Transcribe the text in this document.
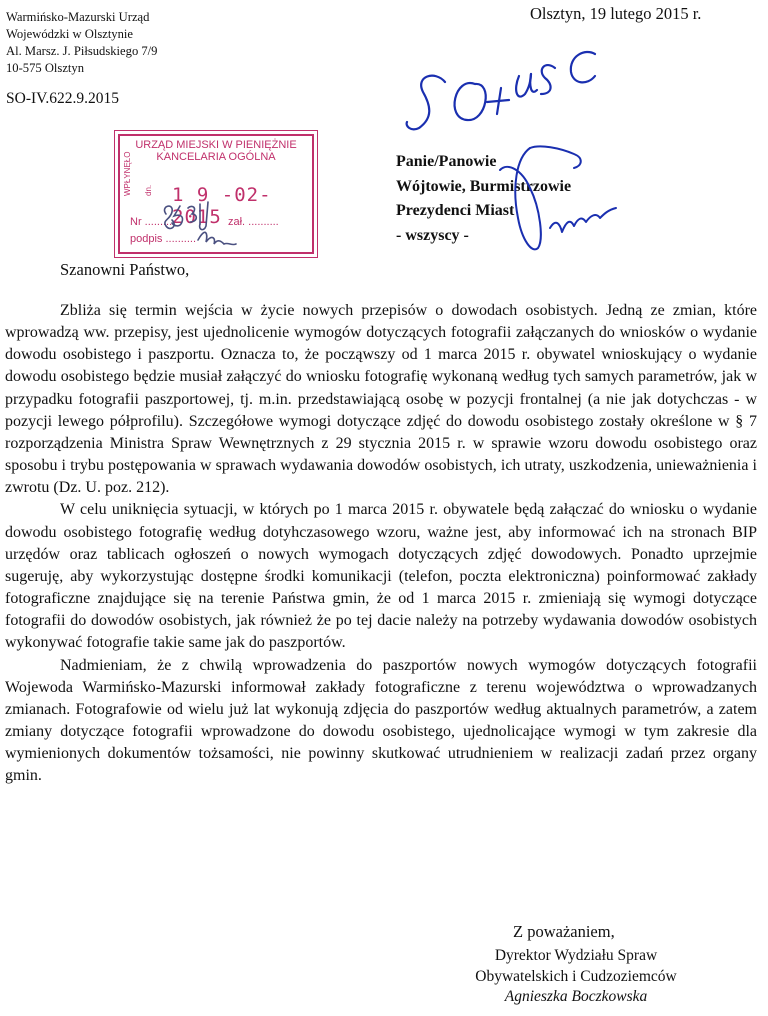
Warmińsko-Mazurski Urząd
Wojewódzki w Olsztynie
Al. Marsz. J. Piłsudskiego 7/9
10-575 Olsztyn
SO-IV.622.9.2015
Olsztyn, 19 lutego 2015 r.
URZĄD MIEJSKI W PIENIĘŻNIE
KANCELARIA OGÓLNA
WPŁYNĘŁO dn. 1 9 -02- 2015
Nr ..........	zał. ..........
podpis ..........
Panie/Panowie
Wójtowie, Burmistrzowie
Prezydenci Miast
- wszyscy -
Szanowni Państwo,

Zbliża się termin wejścia w życie nowych przepisów o dowodach osobistych. Jedną ze zmian, które wprowadzą ww. przepisy, jest ujednolicenie wymogów dotyczących fotografii załączanych do wniosków o wydanie dowodu osobistego i paszportu. Oznacza to, że począwszy od 1 marca 2015 r. obywatel wnioskujący o wydanie dowodu osobistego będzie musiał załączyć do wniosku fotografię wykonaną według tych samych parametrów, jak w przypadku fotografii paszportowej, tj. m.in. przedstawiającą osobę w pozycji frontalnej (a nie jak dotychczas - w pozycji lewego półprofilu). Szczegółowe wymogi dotyczące zdjęć do dowodu osobistego zostały określone w § 7 rozporządzenia Ministra Spraw Wewnętrznych z 29 stycznia 2015 r. w sprawie wzoru dowodu osobistego oraz sposobu i trybu postępowania w sprawach wydawania dowodów osobistych, ich utraty, uszkodzenia, unieważnienia i zwrotu (Dz. U. poz. 212).

W celu uniknięcia sytuacji, w których po 1 marca 2015 r. obywatele będą załączać do wniosku o wydanie dowodu osobistego fotografię według dotyhczasowego wzoru, ważne jest, aby informować ich na stronach BIP urzędów oraz tablicach ogłoszeń o nowych wymogach dotyczących zdjęć dowodowych. Ponadto uprzejmie sugeruję, aby wykorzystując dostępne środki komunikacji (telefon, poczta elektroniczna) poinformować zakłady fotograficzne znajdujące się na terenie Państwa gmin, że od 1 marca 2015 r. zmieniają się wymogi dotyczące fotografii do dowodów osobistych, jak również że po tej dacie należy na potrzeby wydawania dowodów osobistych wykonywać fotografie takie same jak do paszportów.

Nadmieniam, że z chwilą wprowadzenia do paszportów nowych wymogów dotyczących fotografii Wojewoda Warmińsko-Mazurski informował zakłady fotograficzne z terenu województwa o wprowadzanych zmianach. Fotografowie od wielu już lat wykonują zdjęcia do paszportów według aktualnych parametrów, a zatem zmiany dotyczące fotografii wprowadzone do dowodu osobistego, ujednolicające wymogi w tym zakresie dla wymienionych dokumentów tożsamości, nie powinny skutkować utrudnieniem w realizacji zadań przez organy gmin.

Z poważaniem,
Dyrektor Wydziału Spraw
Obywatelskich i Cudzoziemców
Agnieszka Boczkowska
